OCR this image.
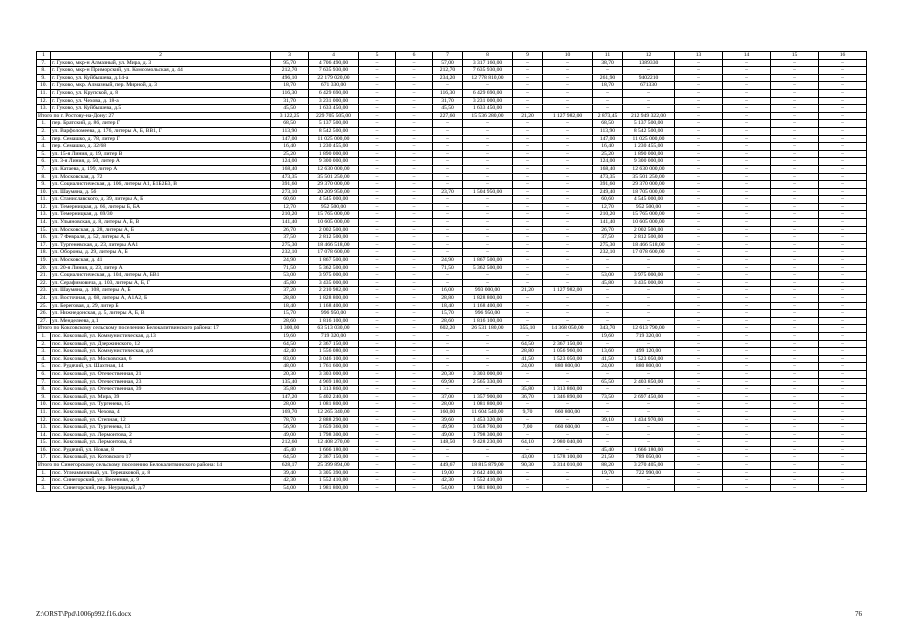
1	2	3	4	5	6	7	8	9	10	11	12	13	14	15	16
7.	г. Гуково, мкр-н Алмазный, ул. Мира, д. 3	95,70	4 706 490,00	–	–	57,00	3 317 160,00	–	–	38,70	1389330	–	–	–	–
8.	г. Гуково, мкр-н Приморский, ул. Комсомольская, д. 44	212,70	7 635 930,00	–	–	212,70	7 635 930,00	–	–	–	–	–	–	–	–
9.	г. Гуково, ул. Куйбышева, д.14-а	496,10	22 179 020,00	–	–	234,20	12 778 810,00	–	–	261,90	9402210	–	–	–	–
10.	г. Гуково, мкр. Алмазный, пер. Мирной, д. 3	18,70	671 330,00	–	–	–	–	–	–	18,70	671330	–	–	–	–
11.	г. Гуково, ул. Крупской, д. 8	116,30	6 429 690,00	–	–	116,30	6 429 690,00	–	–	–	–	–	–	–	–
12.	г. Гуково, ул. Чехова, д. 18-а	31,70	3 231 000,00	–	–	31,70	3 231 000,00	–	–	–	–	–	–	–	–
13.	г. Гуково, ул. Куйбышева, д.5	45,50	1 633 450,00	–	–	45,50	1 633 450,00	–	–	–	–	–	–	–	–
Итого по г. Ростову-на-Дону: 27		3 122,25	229 705 505,00	–	–	227,60	15 536 280,00	21,20	1 127 982,00	2 873,45	212 949 322,00	–	–	–	–
1.	пер. Братский, д. 86, литер Г	68,50	5 137 500,00	–	–	–	–	–	–	68,50	5 137 500,00	–	–	–	–
2.	ул. Варфоломеева, д. 176, литеры А, Б, ВВ1, Г	113,90	8 542 500,00	–	–	–	–	–	–	113,90	8 542 500,00	–	–	–	–
3.	пер. Семашко, д. 78, литер Г	147,00	11 025 000,00	–	–	–	–	–	–	147,00	11 025 000,00	–	–	–	–
4.	пер. Семашко, д. 32/68	16,40	1 230 455,00	–	–	–	–	–	–	16,40	1 230 455,00	–	–	–	–
5.	ул. 15-я Линия, д. 19, литер В	25,20	1 890 000,00	–	–	–	–	–	–	25,20	1 890 000,00	–	–	–	–
6.	ул. 3-я Линия, д. 50, литер А	124,00	9 300 000,00	–	–	–	–	–	–	124,00	9 300 000,00	–	–	–	–
7.	ул. Катаева, д. 199, литер А	168,40	12 630 000,00	–	–	–	–	–	–	168,40	12 630 000,00	–	–	–	–
8.	ул. Московская, д. 72	473,35	35 501 250,00	–	–	–	–	–	–	473,35	35 501 250,00	–	–	–	–
9.	ул. Социалистическая, д. 106, литеры А1, Б1Б2Б3, В	391,60	29 370 000,00	–	–	–	–	–	–	391,60	29 370 000,00	–	–	–	–
10.	ул. Шаумяна, д. 56	273,10	20 209 950,00	–	–	23,70	1 504 950,00	–	–	249,40	18 705 000,00	–	–	–	–
11.	ул. Станиславского, д. 39, литеры А, Б	60,60	4 545 000,00	–	–	–	–	–	–	60,60	4 545 000,00	–	–	–	–
12.	ул. Темерницкая, д. 66, литеры Б, БА	12,70	952 500,00	–	–	–	–	–	–	12,70	952 500,00	–	–	–	–
13.	ул. Темерницкая, д. 69/30	210,20	15 765 000,00	–	–	–	–	–	–	210,20	15 765 000,00	–	–	–	–
14.	ул. Ульяновская, д. 8, литеры А, Б, В	141,40	10 605 000,00	–	–	–	–	–	–	141,40	10 605 000,00	–	–	–	–
15.	ул. Московская, д. 28, литеры А, Б	26,70	2 002 500,00	–	–	–	–	–	–	26,70	2 002 500,00	–	–	–	–
16.	ул. 7 Февраля, д. 52, литеры А, Б	37,50	2 812 500,00	–	–	–	–	–	–	37,50	2 812 500,00	–	–	–	–
17.	ул. Тургеневская, д. 23, литеры АА1	275,30	18 466 518,00	–	–	–	–	–	–	275,30	18 466 518,00	–	–	–	–
18.	ул. Обороны, д. 29, литеры А, Б	232,10	17 078 600,00	–	–	–	–	–	–	232,10	17 078 600,00	–	–	–	–
19.	ул. Московская, д. 41	24,90	1 867 500,00	–	–	24,90	1 867 500,00	–	–	–	–	–	–	–	–
20.	ул. 20-я Линия, д. 23, литер А	71,50	5 362 500,00	–	–	71,50	5 362 500,00	–	–	–	–	–	–	–	–
21.	ул. Социалистическая, д. 104, литеры А, БВ1	53,00	3 975 000,00	–	–	–	–	–	–	53,00	3 975 000,00	–	–	–	–
22.	ул. Серафимовича, д. 103, литеры А, Б, Г	45,80	3 435 000,00	–	–	–	–	–	–	45,80	3 435 000,00	–	–	–	–
23.	ул. Шаумяна, д. 108, литеры А, Б	37,20	2 210 982,00	–	–	16,00	993 000,00	21,20	1 127 982,00	–	–	–	–	–	–
24.	ул. Восточная, д. 68, литеры А, А1А2, Б	28,80	1 828 800,00	–	–	28,80	1 828 800,00	–	–	–	–	–	–	–	–
25.	ул. Береговая, д. 29, литер Б	18,40	1 168 400,00	–	–	18,40	1 168 400,00	–	–	–	–	–	–	–	–
26.	ул. Нижнедонская, д. 5, литеры А, Б, В	15,70	996 950,00	–	–	15,70	996 950,00	–	–	–	–	–	–	–	–
27.	ул. Менделеева, д.1	28,60	1 816 100,00	–	–	28,60	1 816 100,00	–	–	–	–	–	–	–	–
Итого по Коксовскому сельскому поселению Белокалитвинского района: 17		1 300,00	63 513 030,00	–	–	602,20	26 531 180,00	355,10	14 368 050,00	343,70	12 613 790,00	–	–	–	–
1.	пос. Коксовый, ул. Коммунистическая, д.13	19,60	719 320,00	–	–	–	–	–	–	19,60	719 320,00	–	–	–	–
2.	пос. Коксовый, ул. Дзержинского, 12	64,50	2 367 150,00	–	–	–	–	64,50	2 367 150,00	–	–	–	–	–	–
3.	пос. Коксовый, ул. Коммунистическая, д.6	42,40	1 556 080,00	–	–	–	–	28,80	1 056 960,00	13,60	499 120,00	–	–	–	–
4.	пос. Коксовый, ул. Московская, 6	83,00	3 046 100,00	–	–	–	–	41,50	1 523 050,00	41,50	1 523 050,00	–	–	–	–
5.	пос. Рудячий, ул. Шахтная, 14	48,00	1 761 600,00	–	–	–	–	24,00	880 800,00	24,00	880 800,00	–	–	–	–
6.	пос. Коксовый, ул. Отечественная, 21	20,30	3 303 000,00	–	–	20,30	3 303 000,00	–	–	–	–	–	–	–	–
7.	пос. Коксовый, ул. Отечественная, 23	135,40	4 969 180,00	–	–	69,90	2 565 330,00	–	–	65,50	2 403 850,00	–	–	–	–
8.	пос. Коксовый, ул. Отечественная, 39	35,80	1 313 860,00	–	–	–	–	35,80	1 313 860,00	–	–	–	–	–	–
9.	пос. Коксовый, ул. Мира, 39	147,20	5 402 240,00	–	–	37,00	1 357 900,00	36,70	1 346 890,00	73,50	2 697 450,00	–	–	–	–
10.	пос. Коксовый, ул. Тургенева, 15	28,00	1 081 800,00	–	–	28,00	1 081 800,00	–	–	–	–	–	–	–	–
11.	пос. Коксовый, ул. Чехова, 4	169,70	12 265 340,00	–	–	160,00	11 604 540,00	9,70	660 800,00	–	–	–	–	–	–
12.	пос. Коксовый, ул. Степная, 12	78,70	2 888 290,00	–	–	39,60	1 453 320,00	–	–	39,10	1 434 970,00	–	–	–	–
13.	пос. Коксовый, ул. Тургенева, 13	56,90	3 659 360,00	–	–	49,90	3 058 760,00	7,00	660 600,00	–	–	–	–	–	–
14.	пос. Коксовый, ул. Лермонтова, 2	49,00	1 798 300,00	–	–	49,00	1 798 300,00	–	–	–	–	–	–	–	–
15.	пос. Коксовый, ул. Лермонтова, 4	212,60	12 408 270,00	–	–	148,50	9 428 230,00	64,10	2 980 040,00	–	–	–	–	–	–
16.	пос. Рудячий, ул. Новая, 8	45,40	1 666 180,00	–	–	–	–	–	–	45,40	1 666 180,00	–	–	–	–
17.	пос. Коксовый, ул. Котовского 17	64,50	2 367 150,00	–	–	–	–	43,00	1 578 100,00	21,50	789 050,00	–	–	–	–
Итого по Синегорскому сельскому поселению Белокалитвинского района: 14		628,17	25 399 894,00	–	–	449,67	18 815 879,00	90,30	3 314 010,00	88,20	3 270 405,00	–	–	–	–
1.	пос. Углеаммичный, ул. Терешковой, д. 8	39,40	3 305 390,00	–	–	19,00	2 642 400,00	–	–	19,70	722 990,00	–	–	–	–
2.	пос. Синегорский, ул. Весенняя, д. 9	42,30	1 552 410,00	–	–	42,30	1 552 410,00	–	–	–	–	–	–	–	–
3.	пос. Синегорский, пер. Неурядный, д.7	54,00	1 981 800,00	–	–	54,00	1 981 800,00	–	–	–	–	–	–	–	–
Z:\ORST\Ppd\1006p992.f16.docx	76
